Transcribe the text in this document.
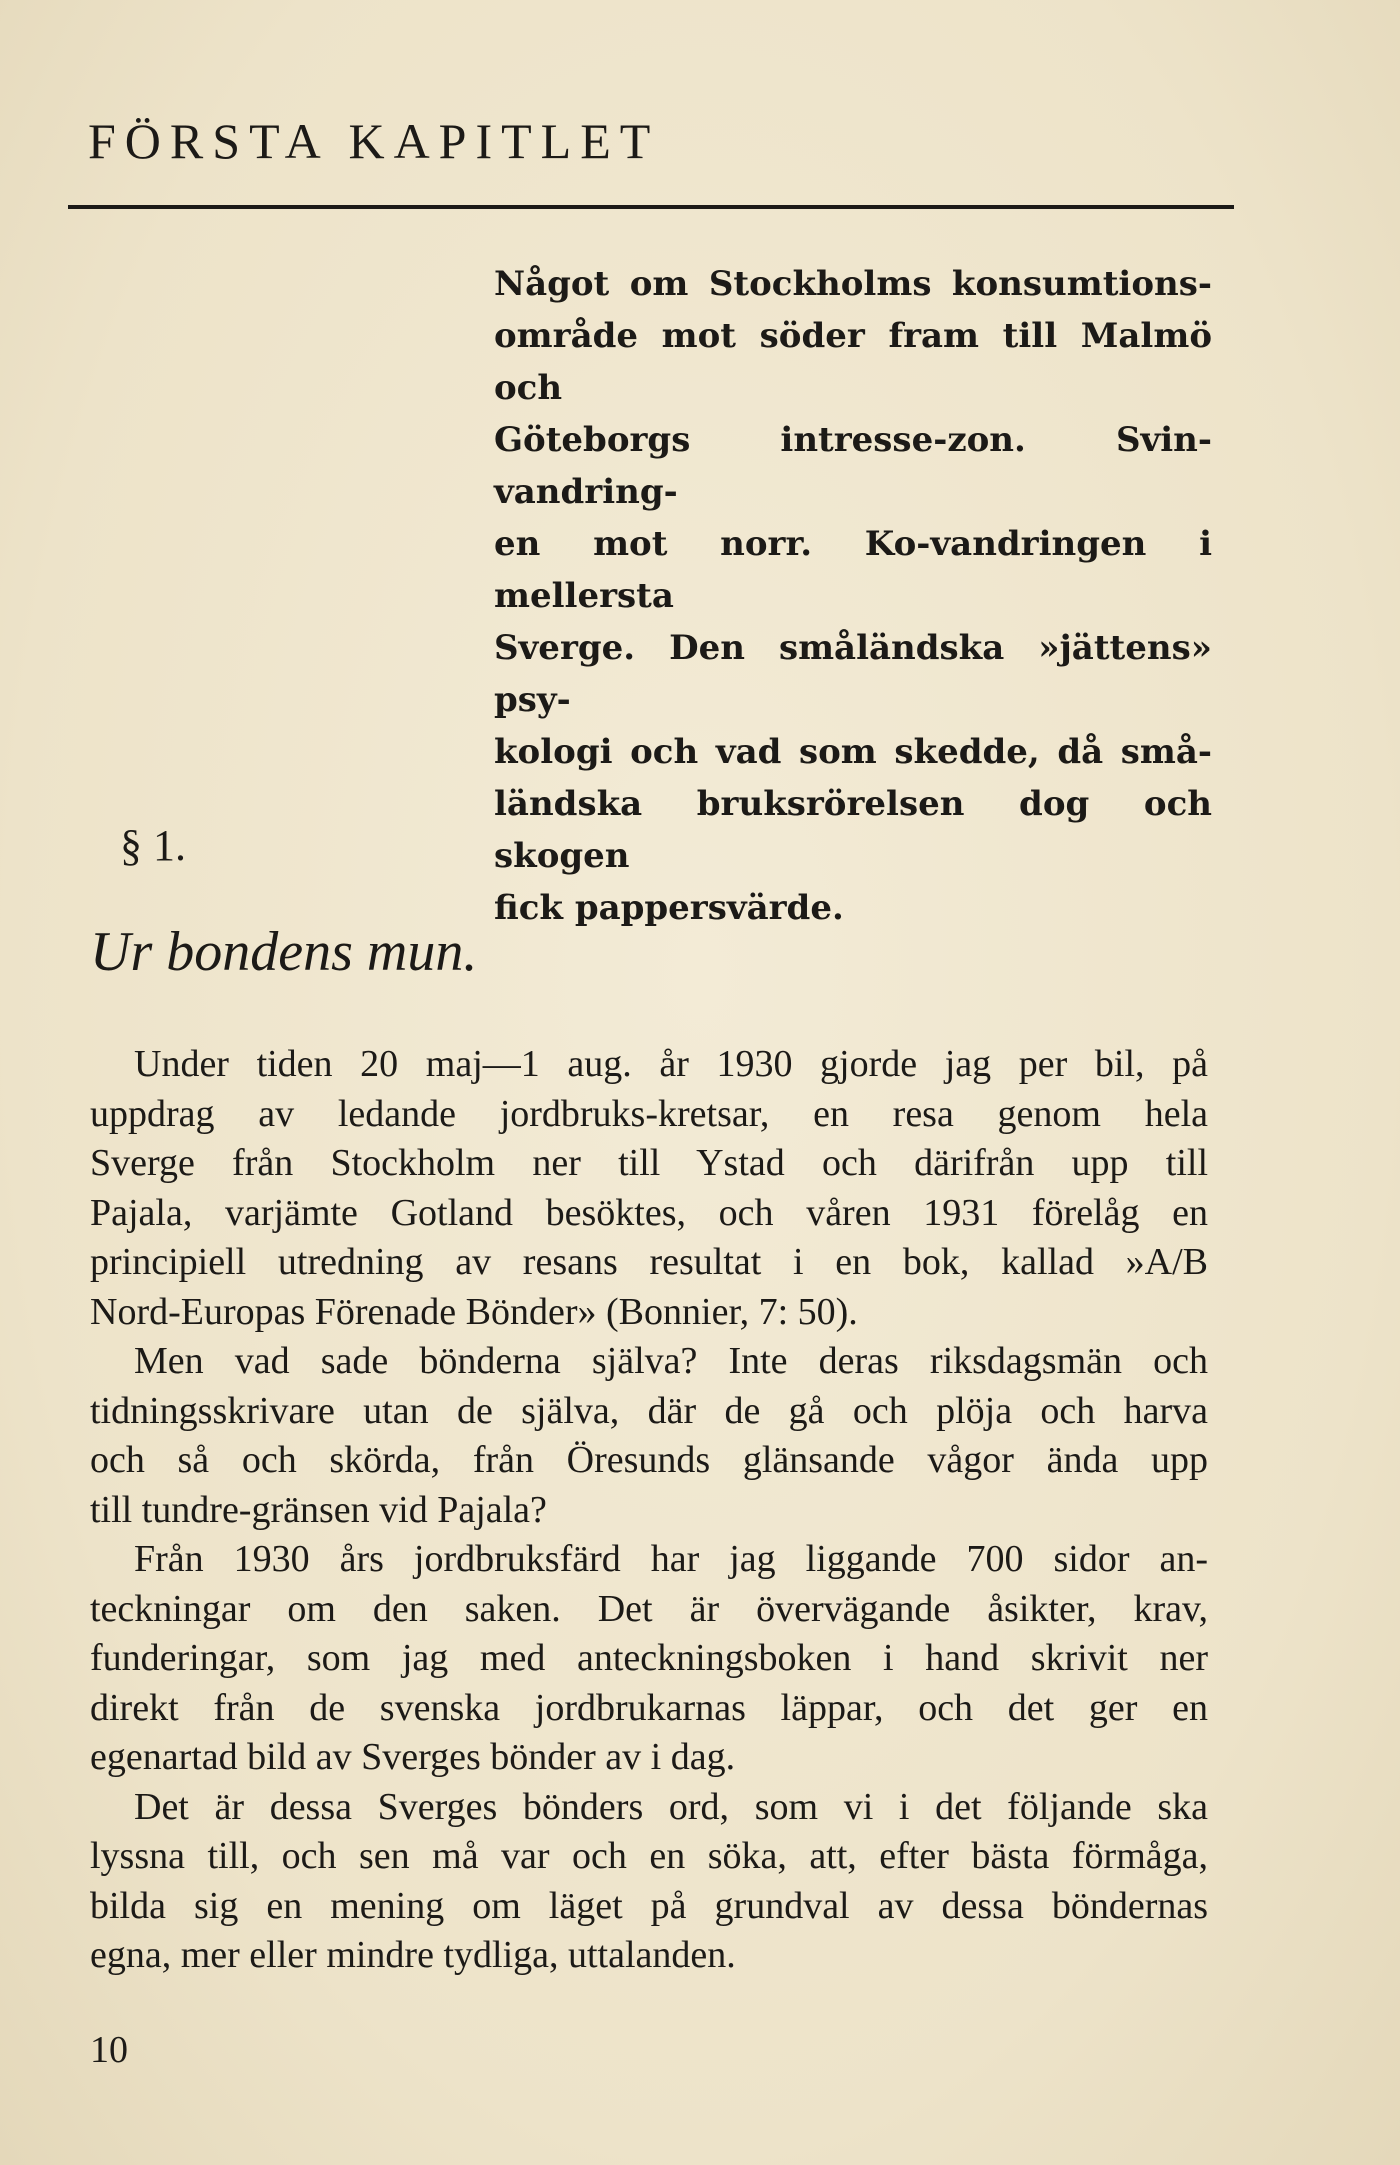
FÖRSTA KAPITLET
Något om Stockholms konsumtions-
område mot söder fram till Malmö och
Göteborgs intresse-zon. Svin-vandring-
en mot norr. Ko-vandringen i mellersta
Sverge. Den småländska »jättens» psy-
kologi och vad som skedde, då små-
ländska bruksrörelsen dog och skogen
fick pappersvärde.
§ 1.
Ur bondens mun.
Under tiden 20 maj—1 aug. år 1930 gjorde jag per bil, på
uppdrag av ledande jordbruks-kretsar, en resa genom hela
Sverge från Stockholm ner till Ystad och därifrån upp till
Pajala, varjämte Gotland besöktes, och våren 1931 förelåg en
principiell utredning av resans resultat i en bok, kallad »A/B
Nord-Europas Förenade Bönder» (Bonnier, 7: 50).
Men vad sade bönderna själva? Inte deras riksdagsmän och
tidningsskrivare utan de själva, där de gå och plöja och harva
och så och skörda, från Öresunds glänsande vågor ända upp
till tundre-gränsen vid Pajala?
Från 1930 års jordbruksfärd har jag liggande 700 sidor an-
teckningar om den saken. Det är övervägande åsikter, krav,
funderingar, som jag med anteckningsboken i hand skrivit ner
direkt från de svenska jordbrukarnas läppar, och det ger en
egenartad bild av Sverges bönder av i dag.
Det är dessa Sverges bönders ord, som vi i det följande ska
lyssna till, och sen må var och en söka, att, efter bästa förmåga,
bilda sig en mening om läget på grundval av dessa böndernas
egna, mer eller mindre tydliga, uttalanden.
10
